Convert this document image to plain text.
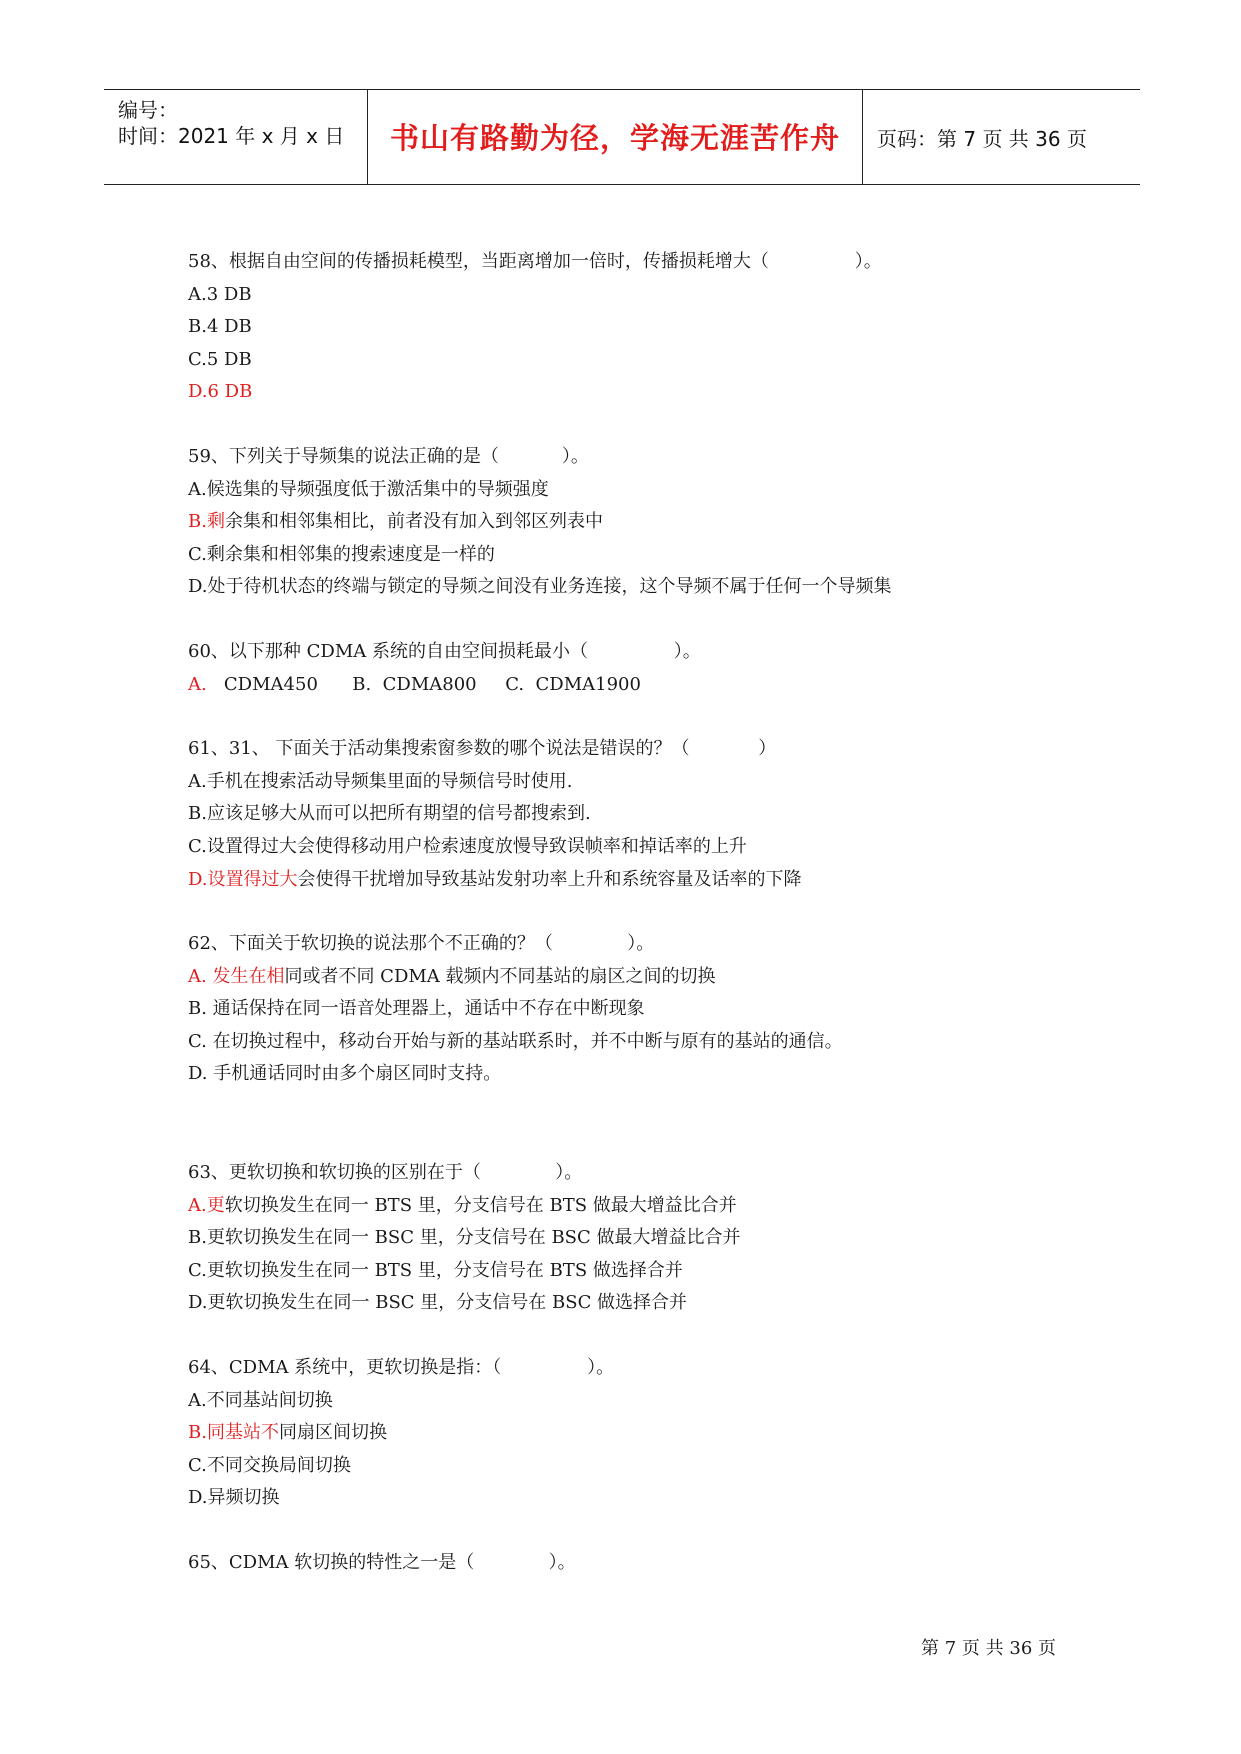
编号：
时间：2021 年 x 月 x 日	书山有路勤为径，学海无涯苦作舟	页码：第 7 页 共 36 页

58、根据自由空间的传播损耗模型，当距离增加一倍时，传播损耗增大（               ）。

A.3 DB

B.4 DB

C.5 DB

D.6 DB

59、下列关于导频集的说法正确的是（           ）。

A.候选集的导频强度低于激活集中的导频强度

B.剩余集和相邻集相比，前者没有加入到邻区列表中

C.剩余集和相邻集的搜索速度是一样的

D.处于待机状态的终端与锁定的导频之间没有业务连接，这个导频不属于任何一个导频集

60、以下那种 CDMA 系统的自由空间损耗最小（               ）。

A.   CDMA450      B.  CDMA800     C.  CDMA1900

61、31、 下面关于活动集搜索窗参数的哪个说法是错误的？（            ）

A.手机在搜索活动导频集里面的导频信号时使用.

B.应该足够大从而可以把所有期望的信号都搜索到.

C.设置得过大会使得移动用户检索速度放慢导致误帧率和掉话率的上升

D.设置得过大会使得干扰增加导致基站发射功率上升和系统容量及话率的下降

62、下面关于软切换的说法那个不正确的？（             ）。

A. 发生在相同或者不同 CDMA 载频内不同基站的扇区之间的切换

B. 通话保持在同一语音处理器上，通话中不存在中断现象

C. 在切换过程中，移动台开始与新的基站联系时，并不中断与原有的基站的通信。

D. 手机通话同时由多个扇区同时支持。

63、更软切换和软切换的区别在于（             ）。

A.更软切换发生在同一 BTS 里，分支信号在 BTS 做最大增益比合并

B.更软切换发生在同一 BSC 里，分支信号在 BSC 做最大增益比合并

C.更软切换发生在同一 BTS 里，分支信号在 BTS 做选择合并

D.更软切换发生在同一 BSC 里，分支信号在 BSC 做选择合并

64、CDMA 系统中，更软切换是指：（               ）。

A.不同基站间切换

B.同基站不同扇区间切换

C.不同交换局间切换

D.异频切换

65、CDMA 软切换的特性之一是（             ）。

第 7 页 共 36 页
